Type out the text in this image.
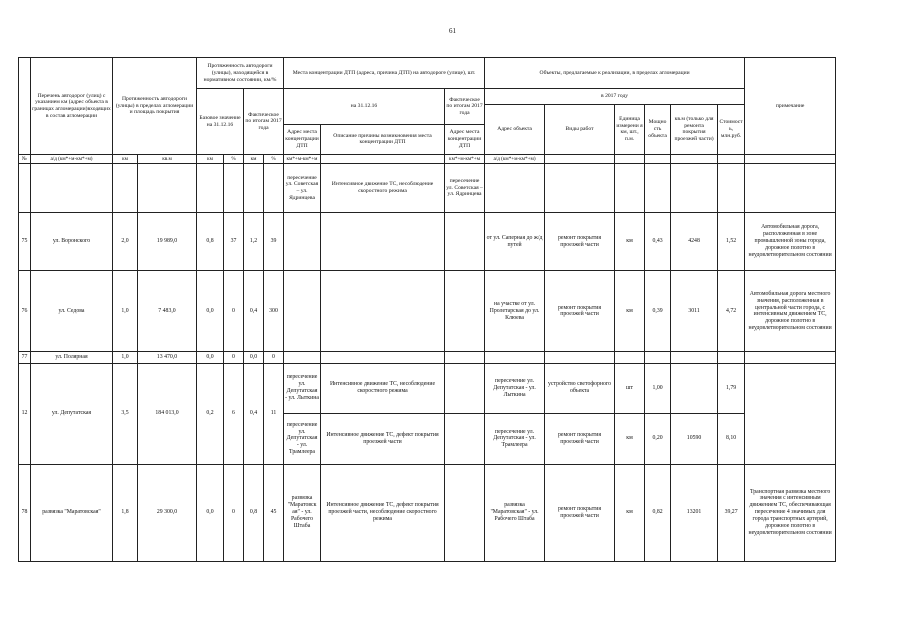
61
	Перечень автодорог (улиц) с указанием км (адрес объекта в границах агломерации)входящих в состав агломерации	Протяженность автодороги (улицы) в пределах агломерации и площадь покрытия		Протяженность автодороги (улицы), находящейся в нормативном состоянии, км/%				Места концентрации ДТП (адреса, причина ДТП) на автодороге (улице), шт.			Объекты, предлагаемые к реализации, в пределах агломерации						примечание
				Базовое значение на 31.12.16		Фактическое по итогам 2017 года		на 31.12.16		Фактическое по итогам 2017 года	в 2017 году						
											Адрес объекта	Виды работ	Единица измерени я км, шт., п.м.	Мощно сть объекта	кв.м (только для ремонта покрытия проезжей части)	Стоимост ь, млн.руб.	
								Адрес места концентрации ДТП	Описание причины возникновения места концентрации ДТП	Адрес места концентрации ДТП							
№	а/д (км*+м-км*+м)	км	кв.м	км	%	км	%	км*+м-км*+м		км*+м-км*+м	а/д (км*+м-км*+м)						
								пересечение ул. Советская – ул. Ядринцева	Интенсивное движение ТС, несоблюдение скоростного режима	пересечение ул. Советская – ул. Ядринцева							
75	ул. Воронского	2,0	19 989,0	0,8	37	1,2	39				от ул. Саперная до ж/д путей	ремонт покрытия проезжей части	км	0,43	4248	1,52	Автомобильная дорога, расположенная в зоне промышленной зоны города, дорожное полотно в неудовлетворительном состоянии
76	ул. Седова	1,0	7 483,0	0,0	0	0,4	300				на участке от ул. Пролетарская до ул. Клюева	ремонт покрытия проезжей части	км	0,39	3011	4,72	Автомобильная дорога местного значения, расположенная в центральной части города, с интенсивным движением ТС, дорожное полотно в неудовлетворительном состоянии
77	ул. Полярная	1,0	13 470,0	0,0	0	0,0	0										
12	ул. Депутатская	3,5	184 013,0	0,2	6	0,4	11	пересечение ул. Депутатская - ул. Лыткина	Интенсивное движение ТС, несоблюдение скоростного режима		пересечение ул. Депутатская - ул. Лыткина	устройство светофорного объекта	шт	1,00		1,79	
								пересечение ул. Депутатская - ул. Трамлеера	Интенсивное движение ТС, дефект покрытия проезжей части		пересечение ул. Депутатская - ул. Трамлеера	ремонт покрытия проезжей части	км	0,20	10590	8,10	
78	развязка "Маратовская"	1,8	29 300,0	0,0	0	0,8	45	развязка "Маратовск ая" - ул. Рабочего Штаба	Интенсивное движение ТС, дефект покрытия проезжей части, несоблюдение скоростного режима		развязка "Маратовская" - ул. Рабочего Штаба	ремонт покрытия проезжей части	км	0,82	13201	39,27	Транспортная развязка местного значения с интенсивным движением ТС, обеспечивающая пересечение 4 значимых для города транспортных артерий, дорожное полотно в неудовлетворительном состоянии
